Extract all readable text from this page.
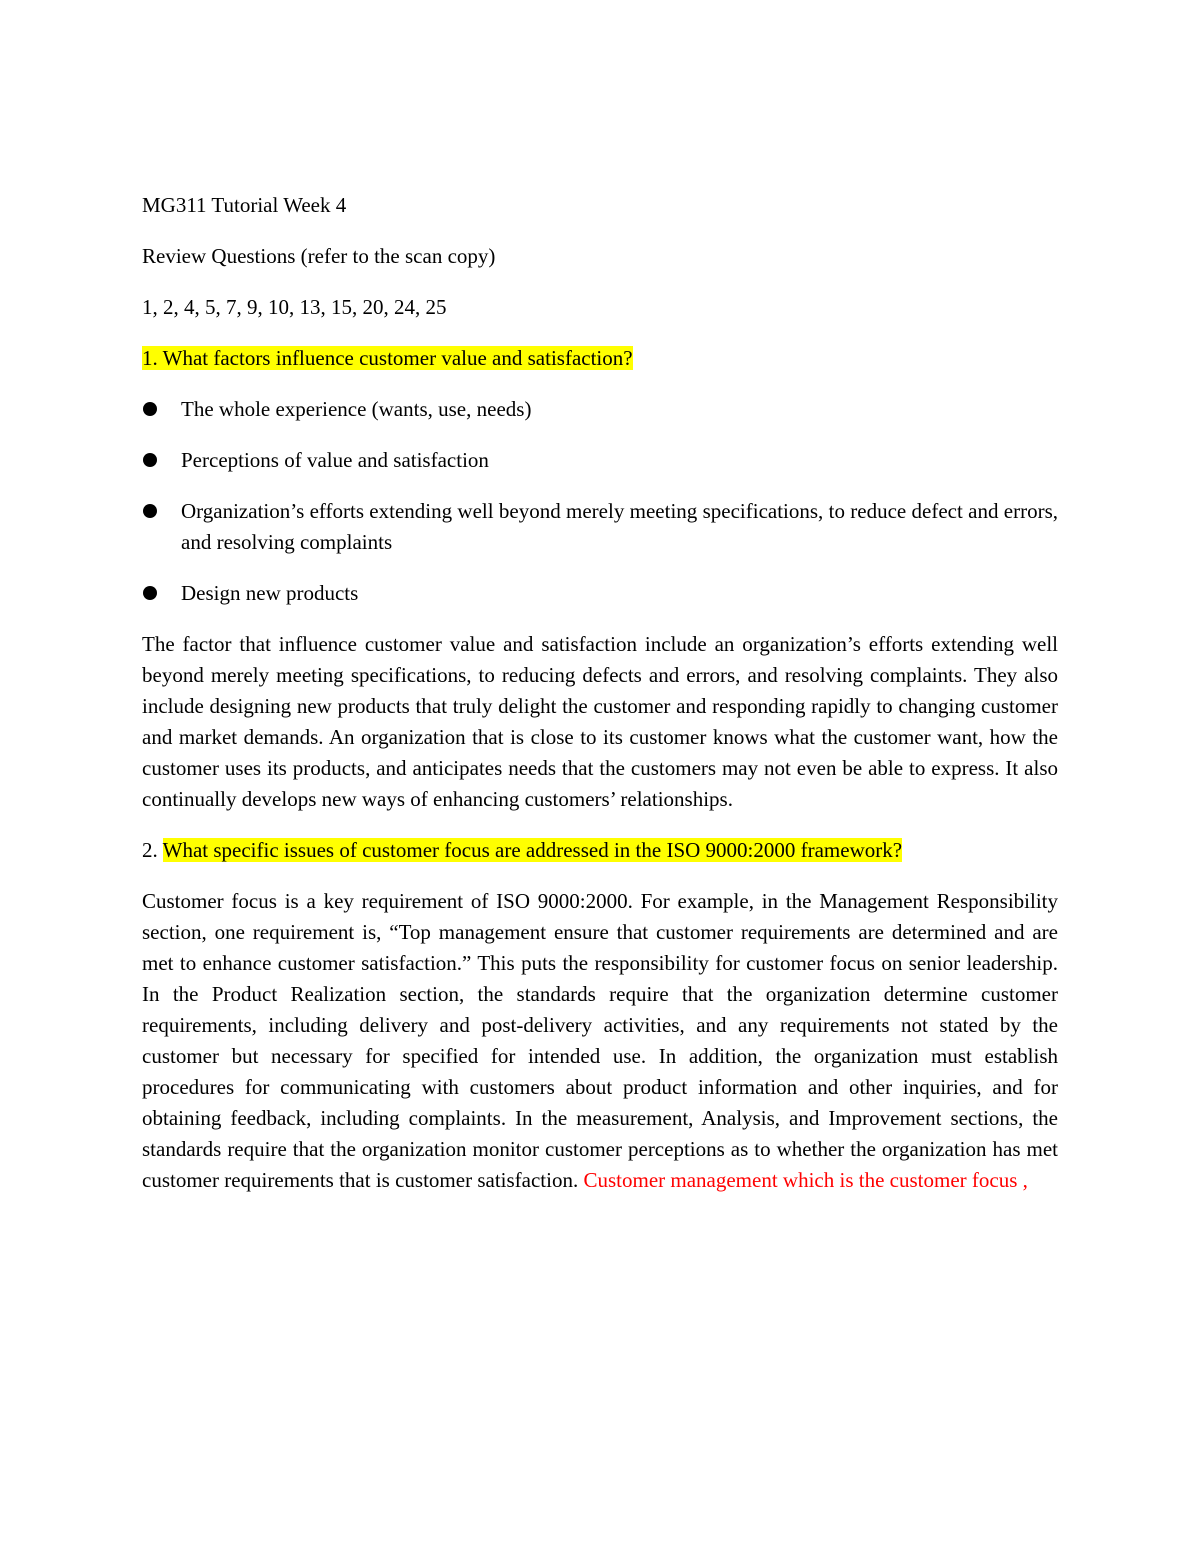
MG311 Tutorial Week 4

Review Questions (refer to the scan copy)

1, 2, 4, 5, 7, 9, 10, 13, 15, 20, 24, 25

1. What factors influence customer value and satisfaction?

The whole experience (wants, use, needs)
Perceptions of value and satisfaction
Organization’s efforts extending well beyond merely meeting specifications, to reduce defect and errors, and resolving complaints
Design new products

The factor that influence customer value and satisfaction include an organization’s efforts extending well beyond merely meeting specifications, to reducing defects and errors, and resolving complaints. They also include designing new products that truly delight the customer and responding rapidly to changing customer and market demands. An organization that is close to its customer knows what the customer want, how the customer uses its products, and anticipates needs that the customers may not even be able to express. It also continually develops new ways of enhancing customers’ relationships.

2. What specific issues of customer focus are addressed in the ISO 9000:2000 framework?

Customer focus is a key requirement of ISO 9000:2000. For example, in the Management Responsibility section, one requirement is, “Top management ensure that customer requirements are determined and are met to enhance customer satisfaction.” This puts the responsibility for customer focus on senior leadership. In the Product Realization section, the standards require that the organization determine customer requirements, including delivery and post-delivery activities, and any requirements not stated by the customer but necessary for specified for intended use. In addition, the organization must establish procedures for communicating with customers about product information and other inquiries, and for obtaining feedback, including complaints. In the measurement, Analysis, and Improvement sections, the standards require that the organization monitor customer perceptions as to whether the organization has met customer requirements that is customer satisfaction. Customer management which is the customer focus ,
